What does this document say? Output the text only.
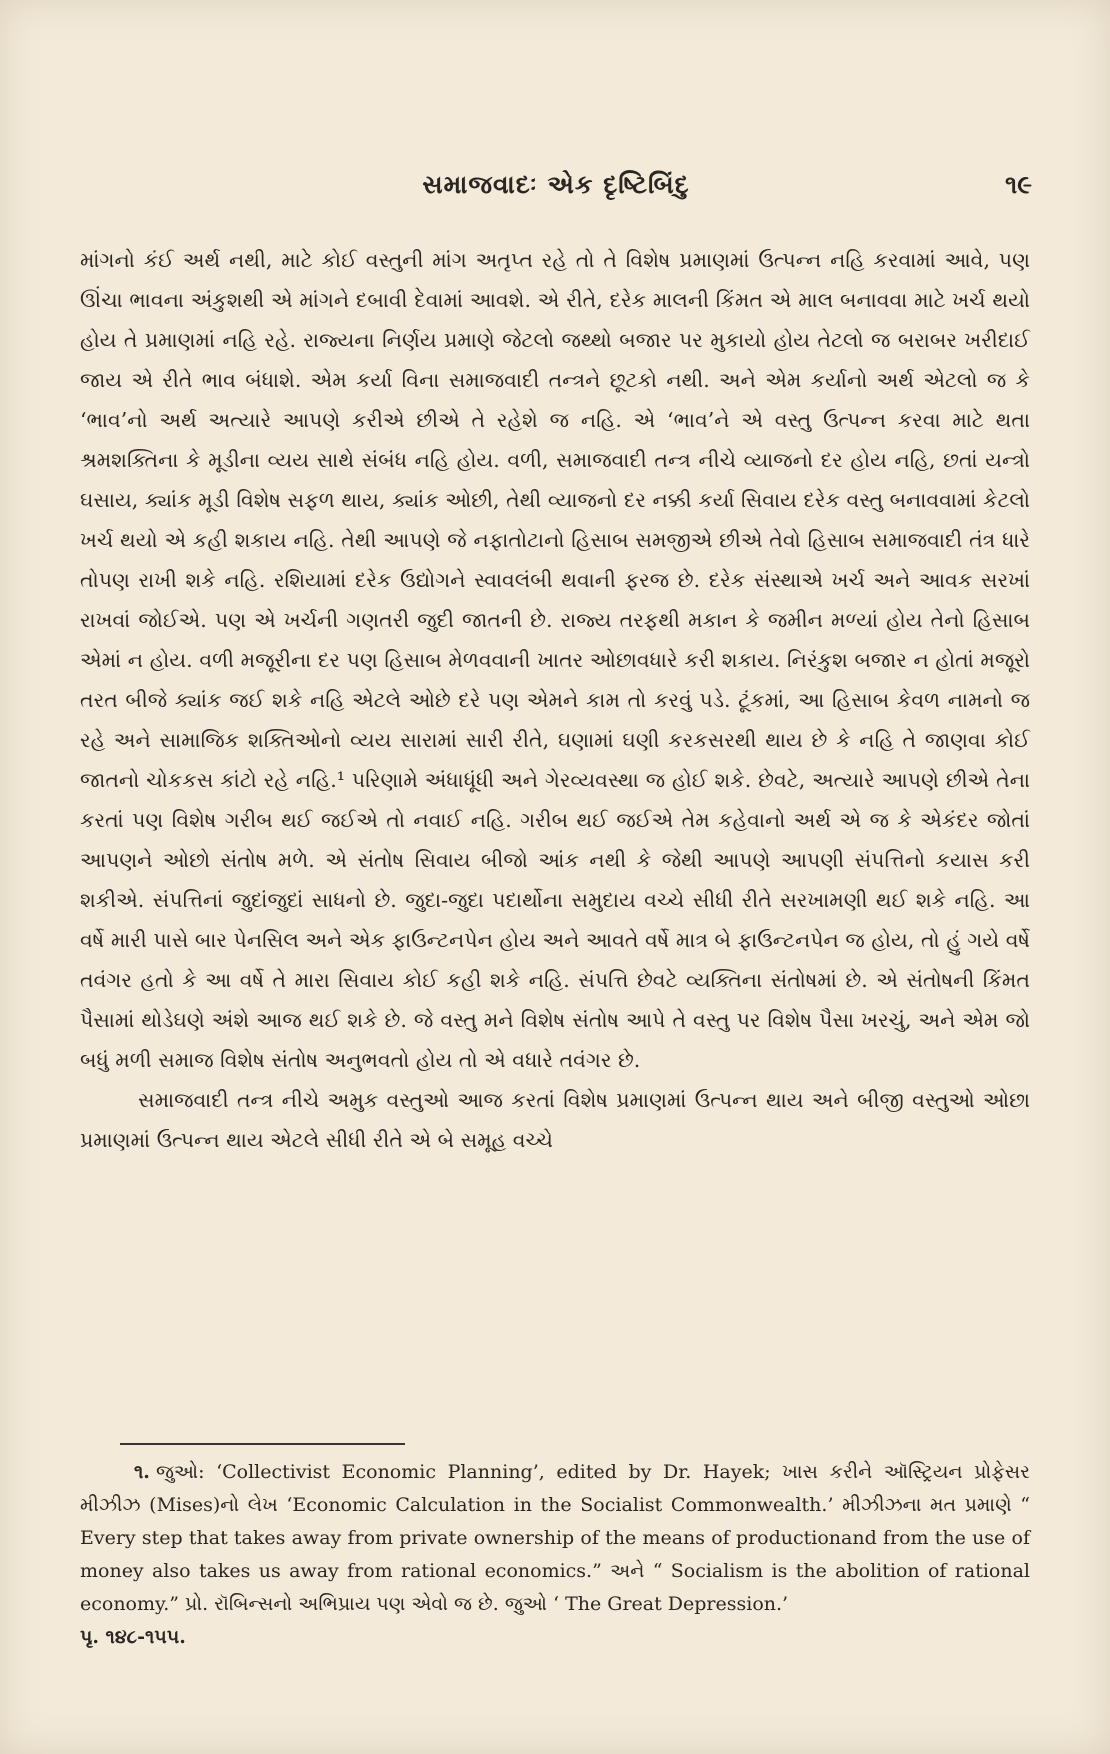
સમાજવાદઃ એક દૃષ્ટિબિંદુ	૧૯

માંગનો કંઈ અર્થ નથી, માટે કોઈ વસ્તુની માંગ અતૃપ્ત રહે તો તે વિશેષ પ્રમાણમાં ઉત્પન્ન નહિ કરવામાં આવે, પણ ઊંચા ભાવના અંકુશથી એ માંગને દબાવી દેવામાં આવશે. એ રીતે, દરેક માલની કિંમત એ માલ બનાવવા માટે ખર્ચ થયો હોય તે પ્રમાણમાં નહિ રહે. રાજ્યના નિર્ણય પ્રમાણે જેટલો જથ્થો બજાર પર મુકાયો હોય તેટલો જ બરાબર ખરીદાઈ જાય એ રીતે ભાવ બંધાશે. એમ કર્યા વિના સમાજવાદી તન્ત્રને છૂટકો નથી. અને એમ કર્યાનો અર્થ એટલો જ કે ‘ભાવ’નો અર્થ અત્યારે આપણે કરીએ છીએ તે રહેશે જ નહિ. એ ‘ભાવ’ને એ વસ્તુ ઉત્પન્ન કરવા માટે થતા શ્રમશક્તિના કે મૂડીના વ્યય સાથે સંબંધ નહિ હોય. વળી, સમાજવાદી તન્ત્ર નીચે વ્યાજનો દર હોય નહિ, છતાં યન્ત્રો ઘસાય, ક્યાંક મૂડી વિશેષ સફળ થાય, ક્યાંક ઓછી, તેથી વ્યાજનો દર નક્કી કર્યા સિવાય દરેક વસ્તુ બનાવવામાં કેટલો ખર્ચ થયો એ કહી શકાય નહિ. તેથી આપણે જે નફાતોટાનો હિસાબ સમજીએ છીએ તેવો હિસાબ સમાજવાદી તંત્ર ધારે તોપણ રાખી શકે નહિ. રશિયામાં દરેક ઉદ્યોગને સ્વાવલંબી થવાની ફરજ છે. દરેક સંસ્થાએ ખર્ચ અને આવક સરખાં રાખવાં જોઈએ. પણ એ ખર્ચની ગણતરી જુદી જાતની છે. રાજ્ય તરફથી મકાન કે જમીન મળ્યાં હોય તેનો હિસાબ એમાં ન હોય. વળી મજૂરીના દર પણ હિસાબ મેળવવાની ખાતર ઓછાવધારે કરી શકાય. નિરંકુશ બજાર ન હોતાં મજૂરો તરત બીજે ક્યાંક જઈ શકે નહિ એટલે ઓછે દરે પણ એમને કામ તો કરવું પડે. ટૂંકમાં, આ હિસાબ કેવળ નામનો જ રહે અને સામાજિક શક્તિઓનો વ્યય સારામાં સારી રીતે, ઘણામાં ઘણી કરકસરથી થાય છે કે નહિ તે જાણવા કોઈ જાતનો ચોકકસ કાંટો રહે નહિ.¹ પરિણામે અંધાધૂંધી અને ગેરવ્યવસ્થા જ હોઈ શકે. છેવટે, અત્યારે આપણે છીએ તેના કરતાં પણ વિશેષ ગરીબ થઈ જઈએ તો નવાઈ નહિ. ગરીબ થઈ જઈએ તેમ કહેવાનો અર્થ એ જ કે એકંદર જોતાં આપણને ઓછો સંતોષ મળે. એ સંતોષ સિવાય બીજો આંક નથી કે જેથી આપણે આપણી સંપત્તિનો કયાસ કરી શકીએ. સંપત્તિનાં જુદાંજુદાં સાધનો છે. જુદા-જુદા પદાર્થોના સમુદાય વચ્ચે સીધી રીતે સરખામણી થઈ શકે નહિ. આ વર્ષે મારી પાસે બાર પેનસિલ અને એક ફાઉન્ટનપેન હોય અને આવતે વર્ષે માત્ર બે ફાઉન્ટનપેન જ હોય, તો હું ગયે વર્ષે તવંગર હતો કે આ વર્ષે તે મારા સિવાય કોઈ કહી શકે નહિ. સંપત્તિ છેવટે વ્યક્તિના સંતોષમાં છે. એ સંતોષની કિંમત પૈસામાં થોડેઘણે અંશે આજ થઈ શકે છે. જે વસ્તુ મને વિશેષ સંતોષ આપે તે વસ્તુ પર વિશેષ પૈસા ખરચું, અને એમ જો બધું મળી સમાજ વિશેષ સંતોષ અનુભવતો હોય તો એ વધારે તવંગર છે.

સમાજવાદી તન્ત્ર નીચે અમુક વસ્તુઓ આજ કરતાં વિશેષ પ્રમાણમાં ઉત્પન્ન થાય અને બીજી વસ્તુઓ ઓછા પ્રમાણમાં ઉત્પન્ન થાય એટલે સીધી રીતે એ બે સમૂહ વચ્ચે

૧. જુઓ: ‘Collectivist Economic Planning’, edited by Dr. Hayek; ખાસ કરીને ઑસ્ટ્રિયન પ્રોફેસર મીઝીઝ (Mises)નો લેખ ‘Economic Calculation in the Socialist Commonwealth.’ મીઝીઝના મત પ્રમાણે “ Every step that takes away from private ownership of the means of productionand from the use of money also takes us away from rational economics.” અને “ Socialism is the abolition of rational economy.” પ્રો. રૉબિન્સનો અભિપ્રાય પણ એવો જ છે. જુઓ ‘ The Great Depression.’
પૃ. ૧૪૮-૧૫૫.
